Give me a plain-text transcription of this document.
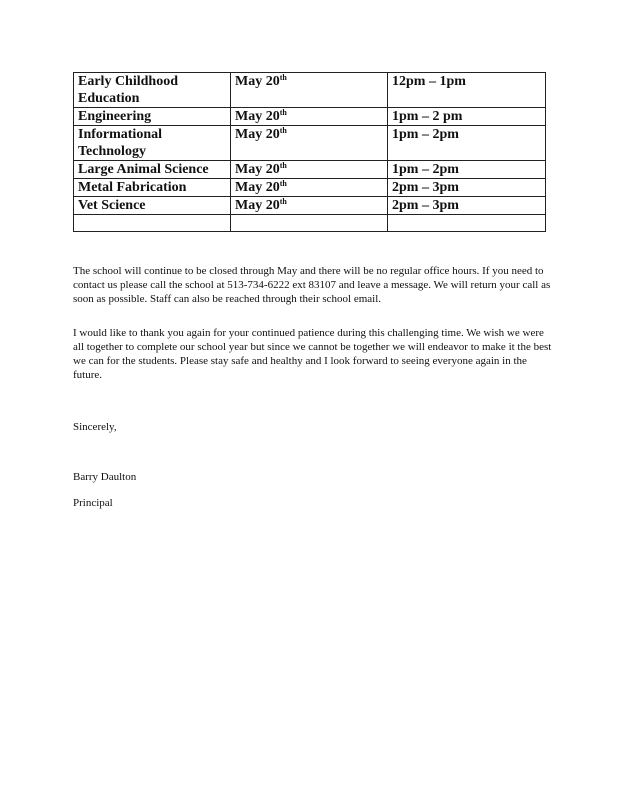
Early Childhood Education	May 20th	12pm – 1pm
Engineering	May 20th	1pm – 2 pm
Informational Technology	May 20th	1pm – 2pm
Large Animal Science	May 20th	1pm – 2pm
Metal Fabrication	May 20th	2pm – 3pm
Vet Science	May 20th	2pm – 3pm

The school will continue to be closed through May and there will be no regular office hours. If you need to contact us please call the school at 513-734-6222 ext 83107 and leave a message. We will return your call as soon as possible. Staff can also be reached through their school email.

I would like to thank you again for your continued patience during this challenging time. We wish we were all together to complete our school year but since we cannot be together we will endeavor to make it the best we can for the students. Please stay safe and healthy and I look forward to seeing everyone again in the future.

Sincerely,

Barry Daulton

Principal
